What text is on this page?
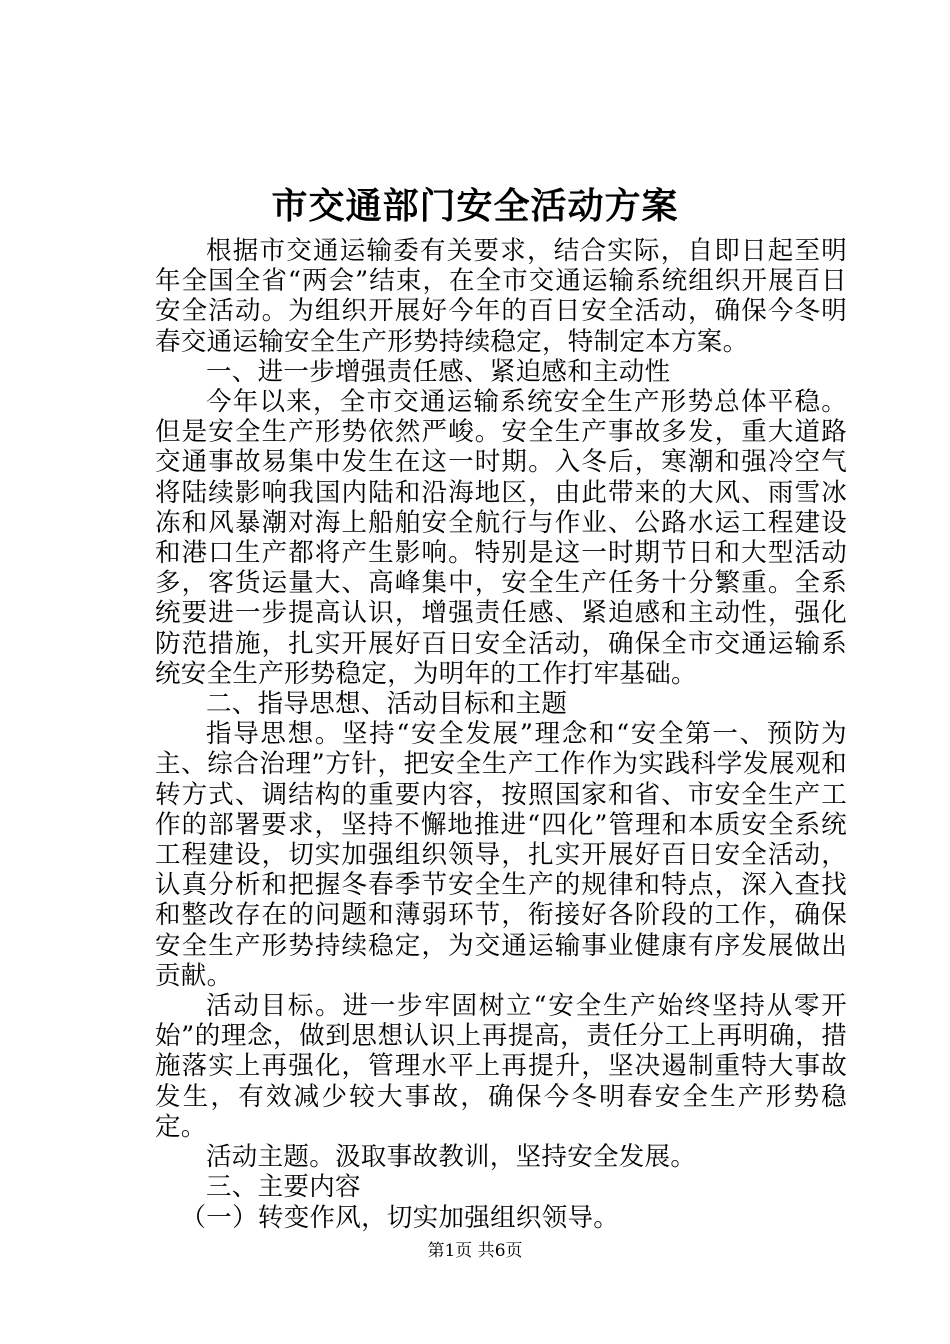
市交通部门安全活动方案

根据市交通运输委有关要求，结合实际，自即日起至明年全国全省“两会”结束，在全市交通运输系统组织开展百日安全活动。为组织开展好今年的百日安全活动，确保今冬明春交通运输安全生产形势持续稳定，特制定本方案。

一、进一步增强责任感、紧迫感和主动性

今年以来，全市交通运输系统安全生产形势总体平稳。但是安全生产形势依然严峻。安全生产事故多发，重大道路交通事故易集中发生在这一时期。入冬后，寒潮和强冷空气将陆续影响我国内陆和沿海地区，由此带来的大风、雨雪冰冻和风暴潮对海上船舶安全航行与作业、公路水运工程建设和港口生产都将产生影响。特别是这一时期节日和大型活动多，客货运量大、高峰集中，安全生产任务十分繁重。全系统要进一步提高认识，增强责任感、紧迫感和主动性，强化防范措施，扎实开展好百日安全活动，确保全市交通运输系统安全生产形势稳定，为明年的工作打牢基础。

二、指导思想、活动目标和主题

指导思想。坚持“安全发展”理念和“安全第一、预防为主、综合治理”方针，把安全生产工作作为实践科学发展观和转方式、调结构的重要内容，按照国家和省、市安全生产工作的部署要求，坚持不懈地推进“四化”管理和本质安全系统工程建设，切实加强组织领导，扎实开展好百日安全活动，认真分析和把握冬春季节安全生产的规律和特点，深入查找和整改存在的问题和薄弱环节，衔接好各阶段的工作，确保安全生产形势持续稳定，为交通运输事业健康有序发展做出贡献。

活动目标。进一步牢固树立“安全生产始终坚持从零开始”的理念，做到思想认识上再提高，责任分工上再明确，措施落实上再强化，管理水平上再提升，坚决遏制重特大事故发生，有效减少较大事故，确保今冬明春安全生产形势稳定。

活动主题。汲取事故教训，坚持安全发展。

三、主要内容

（一）转变作风，切实加强组织领导。

第1页 共6页
